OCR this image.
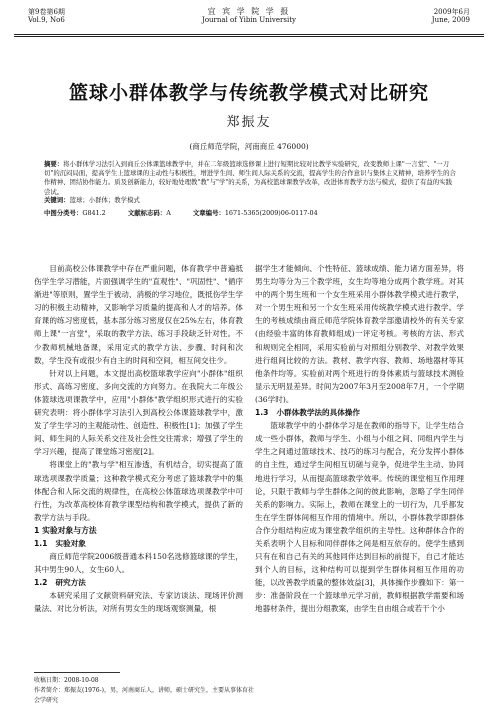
第9卷第6期
Vol.9, No6
宜 宾 学 院 学 报
Journal of Yibin University
2009年6月
June, 2009
篮球小群体教学与传统教学模式对比研究
郑振友
(商丘师范学院，河南商丘 476000)
摘要：将小群体学习法引入到商丘公体课篮球教学中，并在二年级篮球选修课上进行短期比较对比教学实验研究，改变教师上课"一言堂"、"一刀切"的沉闷局面，提高学生上篮球课的主动性与积极性，增进学生间、师生间人际关系的交流，提高学生的合作意识与集体主义精神，培养学生的合作精神、团结协作能力。质及创新能力，较好地处理教"教"与"学"的关系，为高校篮球课教学改革，改进体育教学方法与模式，提供了有益的实践尝试。
关键词：篮球；小群体；教学模式
中图分类号：G841.2	文献标志码：A	文章编号：1671-5365(2009)06-0117-04

目前高校公体课教学中存在严重问题，体育教学中普遍抵伤学生学习潜能，片面强调学生的"直观性"、"巩固性"、"循序渐进"等原则，置学生于被动、消极的学习地位，既抵伤学生学习的积极主动精神，又影响学习质量的提高和人才的培养。体育课的练习密度低，基本部分练习密度仅在25%左右，体育教师上课"一言堂"，采取的教学方法、练习手段缺乏针对性。不少教师机械地备课，采用定式的教学方法、步骤、时间和次数，学生没有或很少有自主的时间和空间，相互间交往少。

针对以上问题，本文提出高校篮球教学应向"小群体"组织形式、高练习密度、多向交流的方向努力。在我院大二年级公体篮球选项课教学中，应用"小群体"教学组织形式进行的实验研究表明：将小群体学习法引入到高校公体课篮球教学中，激发了学生学习的主观能动性、创造性、积极性[1]；加强了学生间、师生间的人际关系交往及社会性交往需求；增强了学生的学习兴趣，提高了课堂练习密度[2]。

将课堂上的"教与学"相互渗透，有机结合，切实提高了篮球选项课教学质量；这种教学模式充分考虑了篮球教学中的集体配合和人际交流的规律性，在高校公体篮球选项课教学中可行性，为改革高校体育教学课型结构和教学模式，提供了新的教学方法与手段。

1 实验对象与方法

1.1 实验对象

商丘师范学院2006级普通本科150名选修篮球课的学生，其中男生90人，女生60人。

1.2 研究方法

本研究采用了文献资料研究法、专家访谈法、现场评价测量法、对比分析法，对所有男女生的现场观察测量，根

据学生才能倾向、个性特征、篮球成绩、能力诸方面差异，将男生均等分为三个教学班，女生均等地分成两个教学班。对其中的两个男生班和一个女生班采用小群体教学模式进行教学，对一个男生班和另一个女生班采用传统教学模式进行教学。学生的考核成绩由商丘师范学院体育教学部邀请校外的有关专家(由经验丰富的体育教师组成)一评定考核。考核的方法、形式和规则完全相同，采用实验前与对照组分别教学、对教学效果进行组间比较的方法。教材、教学内容、教师、场地器材等其他条件均等。实验前对两个班进行的身体素质与篮球技术测验显示无明显差异。时间为2007年3月至2008年7月，一个学期(36学时)。

1.3 小群体教学法的具体操作

篮球教学中的小群体学习是在教师的指导下，让学生结合成一些小群体，教师与学生、小组与小组之间、同组内学生与学生之间通过篮球技术、技巧的练习与配合，充分发挥小群体的自主性，通过学生间相互切磋与竞争，促进学生主动、协同地进行学习，从而提高篮球教学效率。传统的课堂相互作用理论，只限于教师与学生群体之间的彼此影响，忽略了学生同伴关系的影响力。实际上，教师在课堂上的一切行为，几乎都发生在学生群体间相互作用的情境中。所以，小群体教学即群体合作分组结构应成为课堂教学组织的主导性。这种群体合作的关系表明个人目标和同伴群体之间是相互依存的。使学生感到只有在和自己有关的其他同伴达到目标的前提下，自己才能达到个人的目标，这种结构可以提到学生群体间相互作用的功能，以改善教学质量的整体效益[3]，具体操作步骤如下：第一步：准备阶段在一个篮球单元学习前，教师根据教学需要和场地器材条件，提出分组教案，由学生自由组合或若干个小

收稿日期：2008-10-08
作者简介：郑振友(1976-)，男，河南商丘人，讲师，硕士研究生，主要从事体育社会学研究
